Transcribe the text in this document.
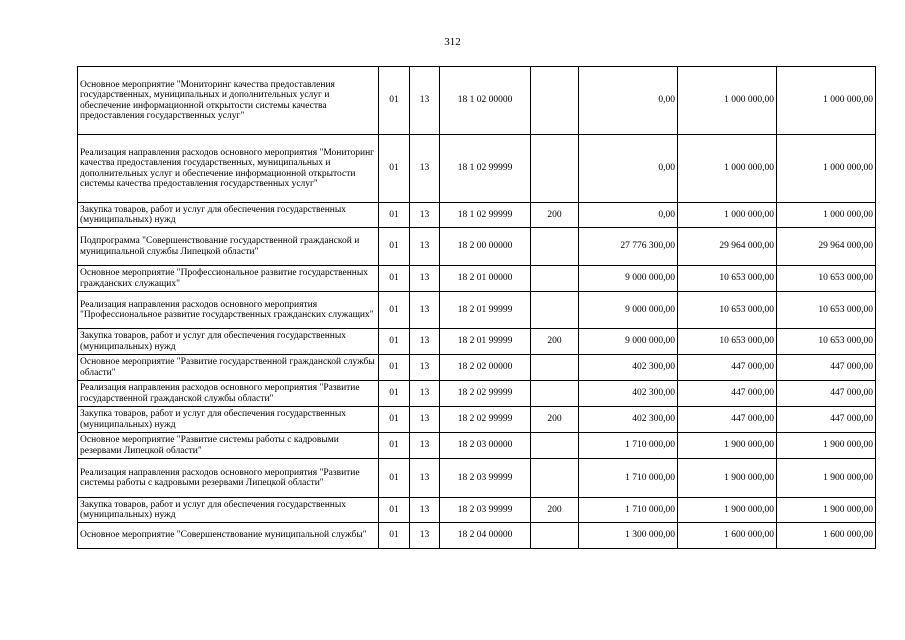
312
Основное мероприятие "Мониторинг качества предоставления государственных, муниципальных и дополнительных услуг и обеспечение информационной открытости системы качества предоставления государственных услуг"	01	13	18 1 02 00000		0,00	1 000 000,00	1 000 000,00
Реализация направления расходов основного мероприятия "Мониторинг качества предоставления государственных, муниципальных и дополнительных услуг и обеспечение информационной открытости системы качества предоставления государственных услуг"	01	13	18 1 02 99999		0,00	1 000 000,00	1 000 000,00
Закупка товаров, работ и услуг для обеспечения государственных (муниципальных) нужд	01	13	18 1 02 99999	200	0,00	1 000 000,00	1 000 000,00
Подпрограмма "Совершенствование государственной гражданской и муниципальной службы Липецкой области"	01	13	18 2 00 00000		27 776 300,00	29 964 000,00	29 964 000,00
Основное мероприятие "Профессиональное развитие государственных гражданских служащих"	01	13	18 2 01 00000		9 000 000,00	10 653 000,00	10 653 000,00
Реализация направления расходов основного мероприятия "Профессиональное развитие государственных гражданских служащих"	01	13	18 2 01 99999		9 000 000,00	10 653 000,00	10 653 000,00
Закупка товаров, работ и услуг для обеспечения государственных (муниципальных) нужд	01	13	18 2 01 99999	200	9 000 000,00	10 653 000,00	10 653 000,00
Основное мероприятие "Развитие государственной гражданской службы области"	01	13	18 2 02 00000		402 300,00	447 000,00	447 000,00
Реализация направления расходов основного мероприятия "Развитие государственной гражданской службы области"	01	13	18 2 02 99999		402 300,00	447 000,00	447 000,00
Закупка товаров, работ и услуг для обеспечения государственных (муниципальных) нужд	01	13	18 2 02 99999	200	402 300,00	447 000,00	447 000,00
Основное мероприятие "Развитие системы работы с кадровыми резервами Липецкой области"	01	13	18 2 03 00000		1 710 000,00	1 900 000,00	1 900 000,00
Реализация направления расходов основного мероприятия "Развитие системы работы с кадровыми резервами Липецкой области"	01	13	18 2 03 99999		1 710 000,00	1 900 000,00	1 900 000,00
Закупка товаров, работ и услуг для обеспечения государственных (муниципальных) нужд	01	13	18 2 03 99999	200	1 710 000,00	1 900 000,00	1 900 000,00
Основное мероприятие "Совершенствование муниципальной службы"	01	13	18 2 04 00000		1 300 000,00	1 600 000,00	1 600 000,00
